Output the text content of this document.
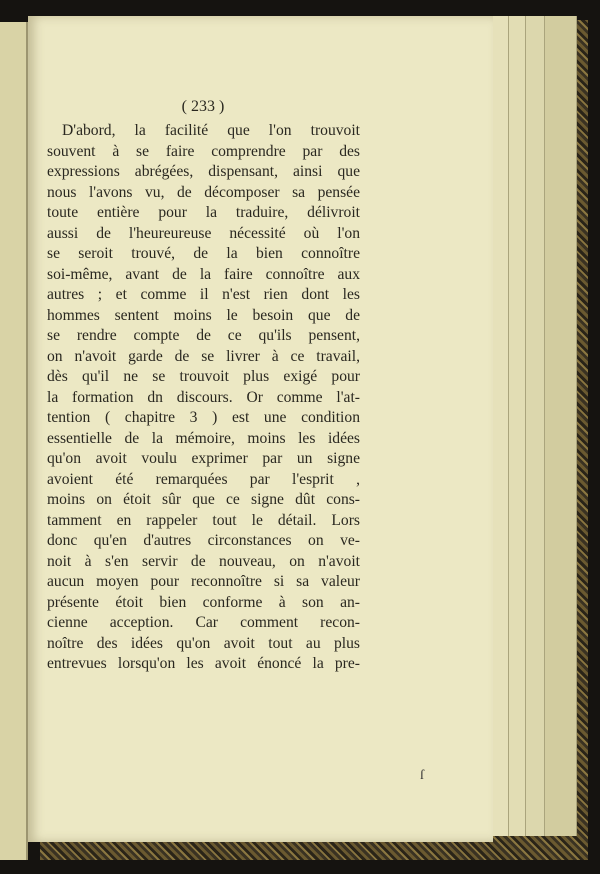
( 233 )
D'abord, la facilité que l'on trouvoit
souvent à se faire comprendre par des
expressions abrégées, dispensant, ainsi que
nous l'avons vu, de décomposer sa pensée
toute entière pour la traduire, délivroit
aussi de l'heureureuse nécessité où l'on
se seroit trouvé, de la bien connoître
soi-même, avant de la faire connoître aux
autres ; et comme il n'est rien dont les
hommes sentent moins le besoin que de
se rendre compte de ce qu'ils pensent,
on n'avoit garde de se livrer à ce travail,
dès qu'il ne se trouvoit plus exigé pour
la formation dn discours. Or comme l'at-
tention ( chapitre 3 ) est une condition
essentielle de la mémoire, moins les idées
qu'on avoit voulu exprimer par un signe
avoient été remarquées par l'esprit ,
moins on étoit sûr que ce signe dût cons-
tamment en rappeler tout le détail. Lors
donc qu'en d'autres circonstances on ve-
noit à s'en servir de nouveau, on n'avoit
aucun moyen pour reconnoître si sa valeur
présente étoit bien conforme à son an-
cienne acception. Car comment recon-
noître des idées qu'on avoit tout au plus
entrevues lorsqu'on les avoit énoncé la pre-
ſ
